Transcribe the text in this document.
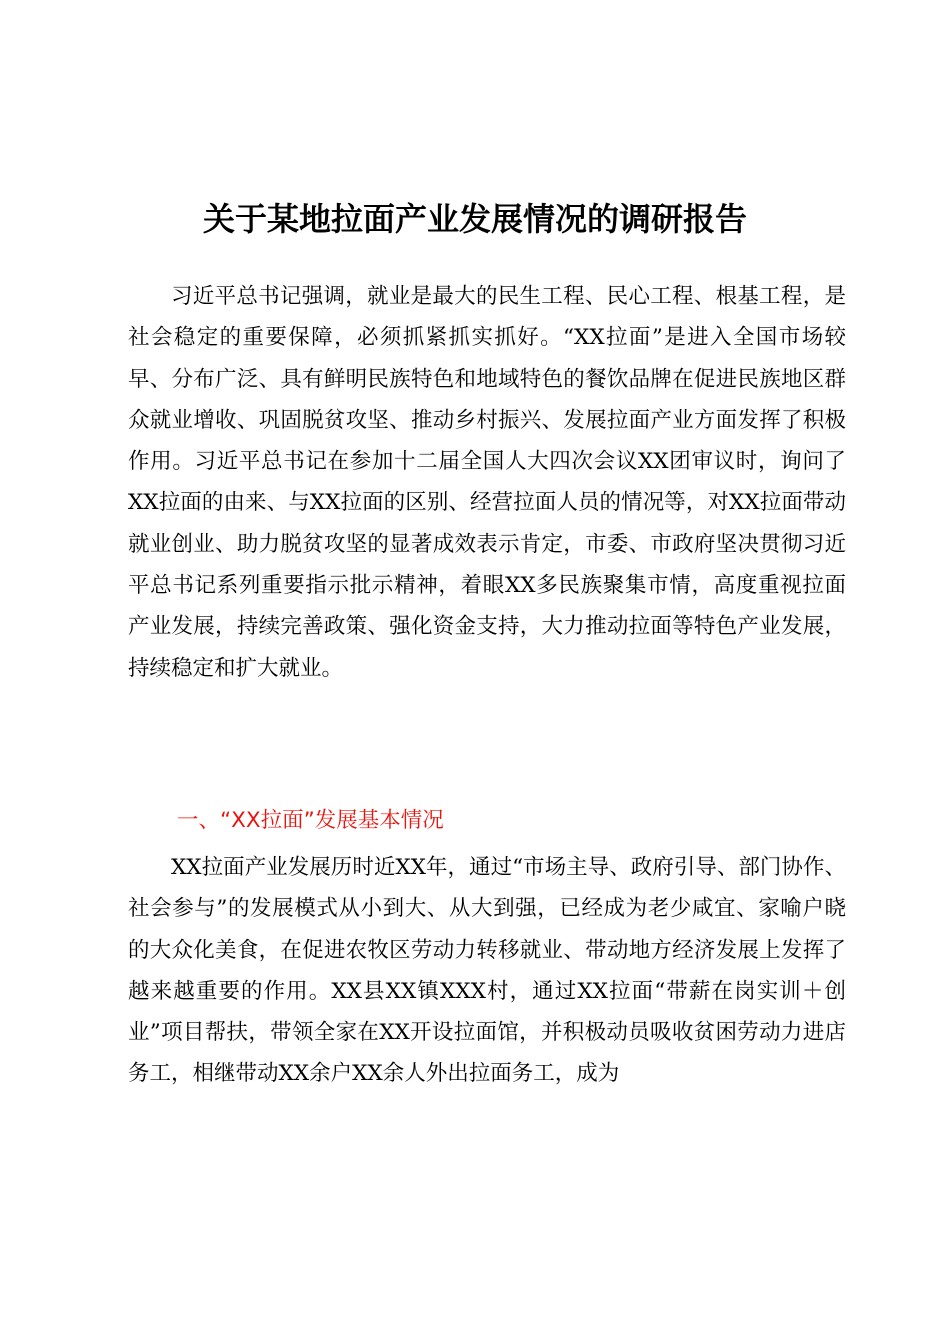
关于某地拉面产业发展情况的调研报告

习近平总书记强调，就业是最大的民生工程、民心工程、根基工程，是社会稳定的重要保障，必须抓紧抓实抓好。“XX拉面”是进入全国市场较早、分布广泛、具有鲜明民族特色和地域特色的餐饮品牌在促进民族地区群众就业增收、巩固脱贫攻坚、推动乡村振兴、发展拉面产业方面发挥了积极作用。习近平总书记在参加十二届全国人大四次会议XX团审议时，询问了XX拉面的由来、与XX拉面的区别、经营拉面人员的情况等，对XX拉面带动就业创业、助力脱贫攻坚的显著成效表示肯定，市委、市政府坚决贯彻习近平总书记系列重要指示批示精神，着眼XX多民族聚集市情，高度重视拉面产业发展，持续完善政策、强化资金支持，大力推动拉面等特色产业发展，持续稳定和扩大就业。

一、“XX拉面”发展基本情况

XX拉面产业发展历时近XX年，通过“市场主导、政府引导、部门协作、社会参与”的发展模式从小到大、从大到强，已经成为老少咸宜、家喻户晓的大众化美食，在促进农牧区劳动力转移就业、带动地方经济发展上发挥了越来越重要的作用。XX县XX镇XXX村，通过XX拉面“带薪在岗实训＋创业”项目帮扶，带领全家在XX开设拉面馆，并积极动员吸收贫困劳动力进店务工，相继带动XX余户XX余人外出拉面务工，成为
